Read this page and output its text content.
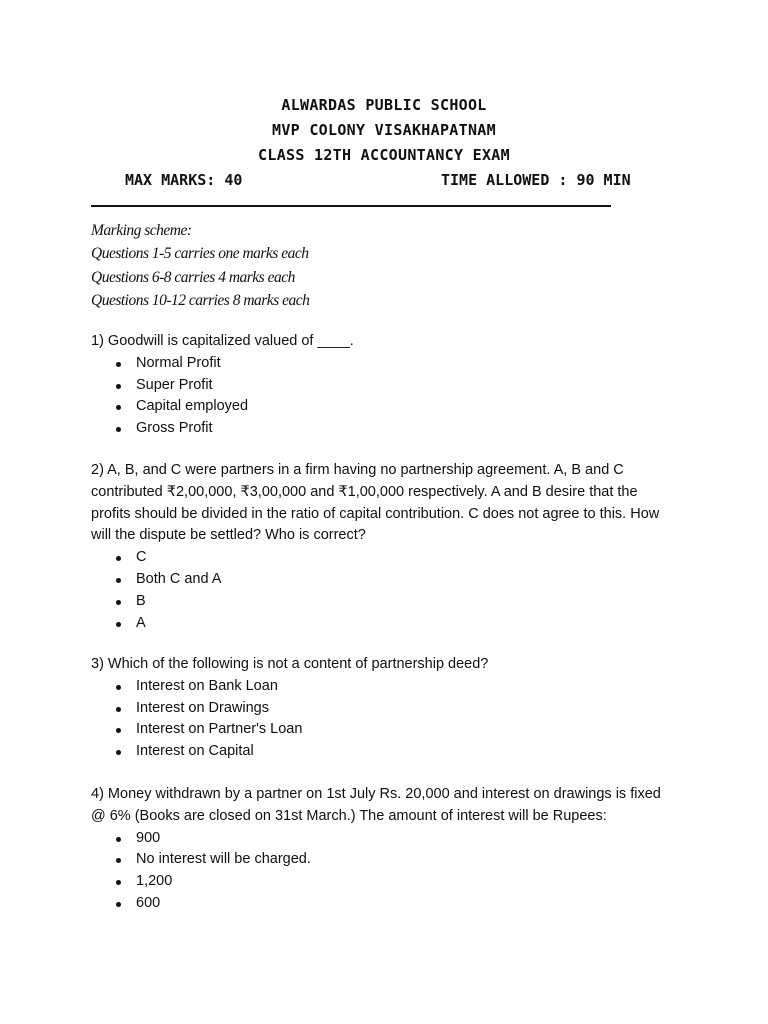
ALWARDAS PUBLIC SCHOOL
MVP COLONY VISAKHAPATNAM
CLASS 12TH ACCOUNTANCY EXAM
MAX MARKS: 40	TIME ALLOWED : 90 MIN
Marking scheme:
Questions 1-5 carries one marks each
Questions 6-8 carries 4 marks each
Questions 10-12 carries 8 marks each
1) Goodwill is capitalized valued of ____.
Normal Profit
Super Profit
Capital employed
Gross Profit
2) A, B, and C were partners in a firm having no partnership agreement. A, B and C contributed ₹2,00,000, ₹3,00,000 and ₹1,00,000 respectively. A and B desire that the profits should be divided in the ratio of capital contribution. C does not agree to this. How will the dispute be settled? Who is correct?
C
Both C and A
B
A
3) Which of the following is not a content of partnership deed?
Interest on Bank Loan
Interest on Drawings
Interest on Partner's Loan
Interest on Capital
4) Money withdrawn by a partner on 1st July Rs. 20,000 and interest on drawings is fixed @ 6% (Books are closed on 31st March.) The amount of interest will be Rupees:
900
No interest will be charged.
1,200
600
